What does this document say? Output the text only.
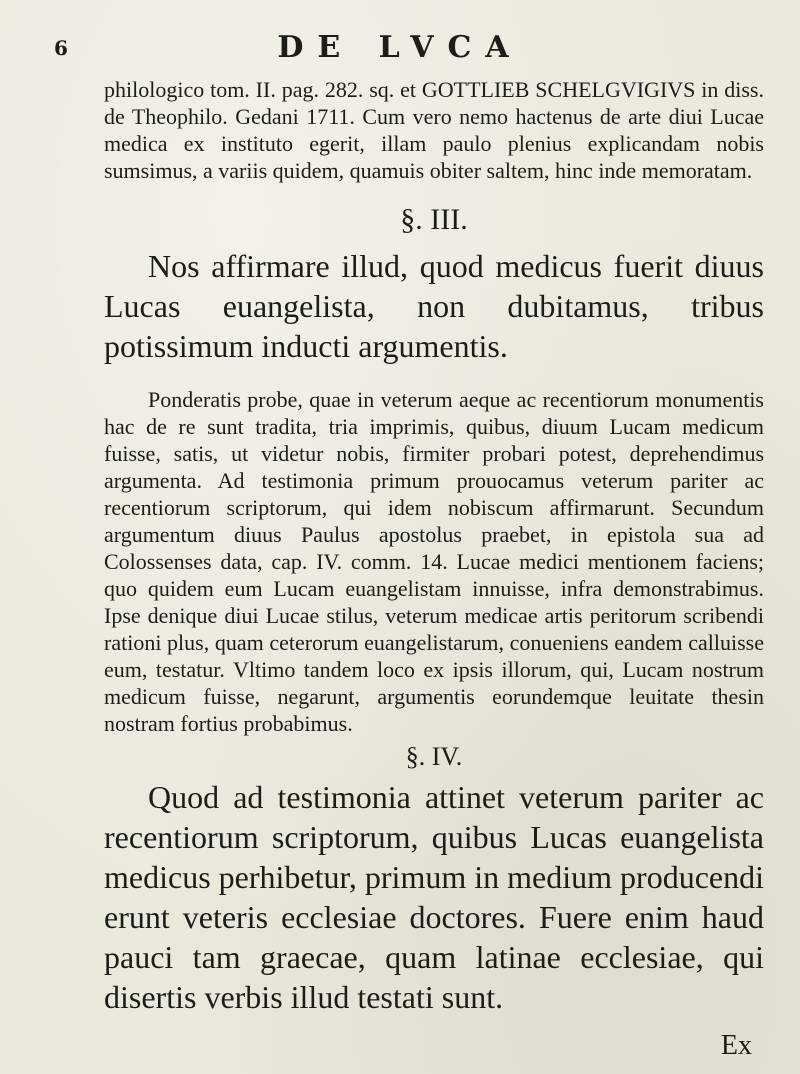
6	DE LVCA

philologico tom. II. pag. 282. sq. et GOTTLIEB SCHELGVIGIVS in diss. de Theophilo. Gedani 1711. Cum vero nemo hactenus de arte diui Lucae medica ex instituto egerit, illam paulo plenius explicandam nobis sumsimus, a variis quidem, quamuis obiter saltem, hinc inde memoratam.

§. III.

Nos affirmare illud, quod medicus fuerit diuus Lucas euangelista, non dubitamus, tribus potissimum inducti argumentis.

Ponderatis probe, quae in veterum aeque ac recentiorum monumentis hac de re sunt tradita, tria imprimis, quibus, diuum Lucam medicum fuisse, satis, ut videtur nobis, firmiter probari potest, deprehendimus argumenta. Ad testimonia primum prouocamus veterum pariter ac recentiorum scriptorum, qui idem nobiscum affirmarunt. Secundum argumentum diuus Paulus apostolus praebet, in epistola sua ad Colossenses data, cap. IV. comm. 14. Lucae medici mentionem faciens; quo quidem eum Lucam euangelistam innuisse, infra demonstrabimus. Ipse denique diui Lucae stilus, veterum medicae artis peritorum scribendi rationi plus, quam ceterorum euangelistarum, conueniens eandem calluisse eum, testatur. Vltimo tandem loco ex ipsis illorum, qui, Lucam nostrum medicum fuisse, negarunt, argumentis eorundemque leuitate thesin nostram fortius probabimus.

§. IV.

Quod ad testimonia attinet veterum pariter ac recentiorum scriptorum, quibus Lucas euangelista medicus perhibetur, primum in medium producendi erunt veteris ecclesiae doctores. Fuere enim haud pauci tam graecae, quam latinae ecclesiae, qui disertis verbis illud testati sunt.

Ex
